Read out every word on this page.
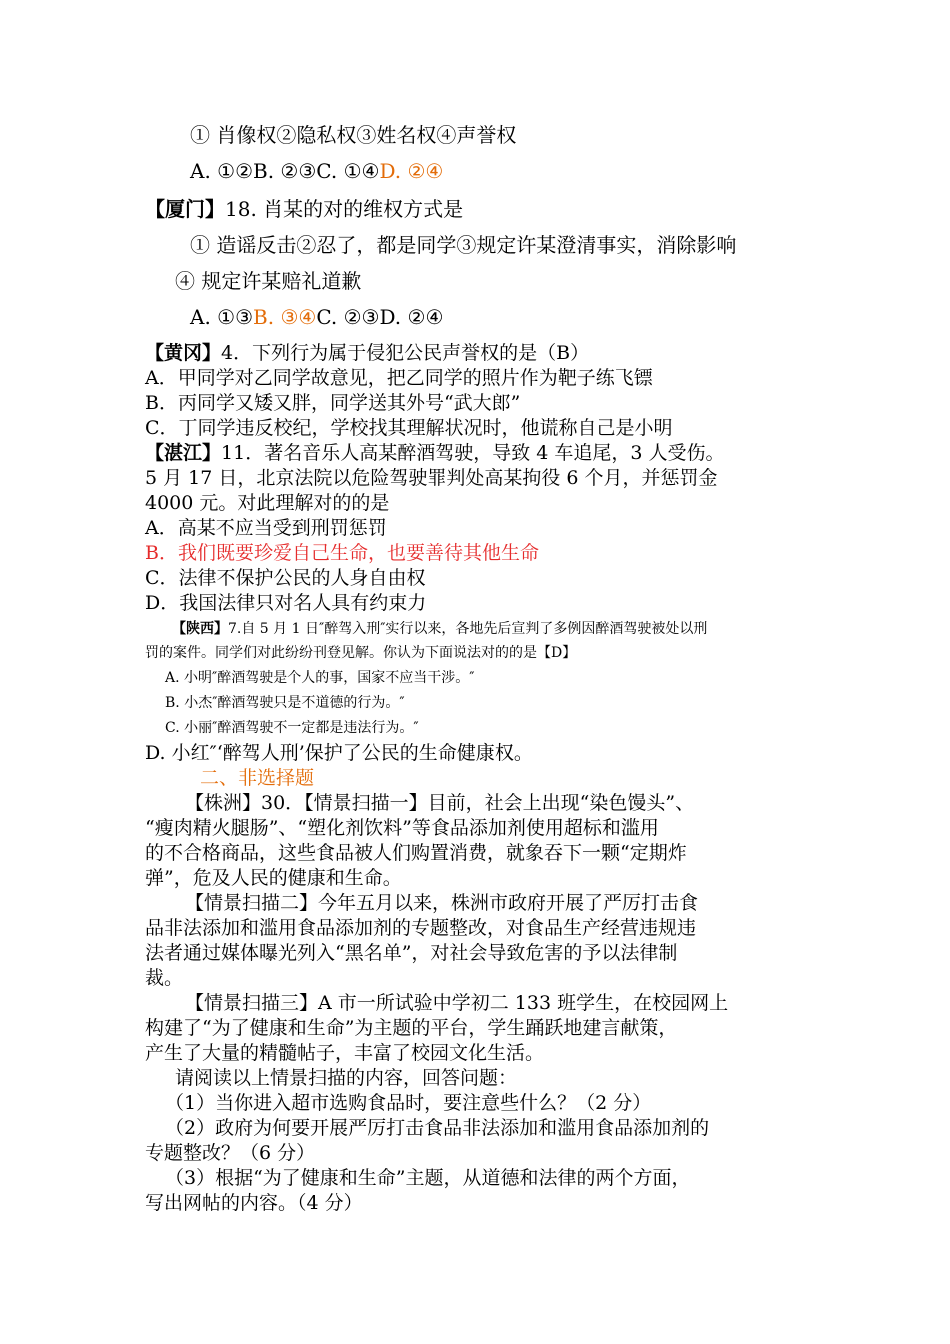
① 肖像权②隐私权③姓名权④声誉权
A. ①②B. ②③C. ①④D. ②④
【厦门】18. 肖某的对的维权方式是
① 造谣反击②忍了，都是同学③规定许某澄清事实，消除影响
④ 规定许某赔礼道歉
A. ①③B. ③④C. ②③D. ②④
【黄冈】4．下列行为属于侵犯公民声誉权的是（B）
A．甲同学对乙同学故意见，把乙同学的照片作为靶子练飞镖
B．丙同学又矮又胖，同学送其外号“武大郎”
C．丁同学违反校纪，学校找其理解状况时，他谎称自己是小明
【湛江】11．著名音乐人高某醉酒驾驶，导致 4 车追尾，3 人受伤。
5 月 17 日，北京法院以危险驾驶罪判处高某拘役 6 个月，并惩罚金
4000 元。对此理解对的的是
A．高某不应当受到刑罚惩罚
B．我们既要珍爱自己生命，也要善待其他生命
C．法律不保护公民的人身自由权
D．我国法律只对名人具有约束力
【陕西】7.自 5 月 1 日″醉驾入刑″实行以来，各地先后宣判了多例因醉酒驾驶被处以刑
罚的案件。同学们对此纷纷刊登见解。你认为下面说法对的的是【D】
A. 小明″醉酒驾驶是个人的事，国家不应当干涉。″
B. 小杰″醉酒驾驶只是不道德的行为。″
C. 小丽″醉酒驾驶不一定都是违法行为。″
D. 小红″‘醉驾人刑’保护了公民的生命健康权。
二、非选择题
【株洲】30．【情景扫描一】目前，社会上出现“染色馒头”、
“瘦肉精火腿肠”、“塑化剂饮料”等食品添加剂使用超标和滥用
的不合格商品，这些食品被人们购置消费，就象吞下一颗“定期炸
弹”，危及人民的健康和生命。
【情景扫描二】今年五月以来，株洲市政府开展了严厉打击食
品非法添加和滥用食品添加剂的专题整改，对食品生产经营违规违
法者通过媒体曝光列入“黑名单”，对社会导致危害的予以法律制
裁。
【情景扫描三】A 市一所试验中学初二 133 班学生，在校园网上
构建了“为了健康和生命”为主题的平台，学生踊跃地建言献策，
产生了大量的精髓帖子，丰富了校园文化生活。
请阅读以上情景扫描的内容，回答问题：
（1）当你进入超市选购食品时，要注意些什么？（2 分）
（2）政府为何要开展严厉打击食品非法添加和滥用食品添加剂的
专题整改？（6 分）
（3）根据“为了健康和生命”主题，从道德和法律的两个方面，
写出网帖的内容。（4 分）
